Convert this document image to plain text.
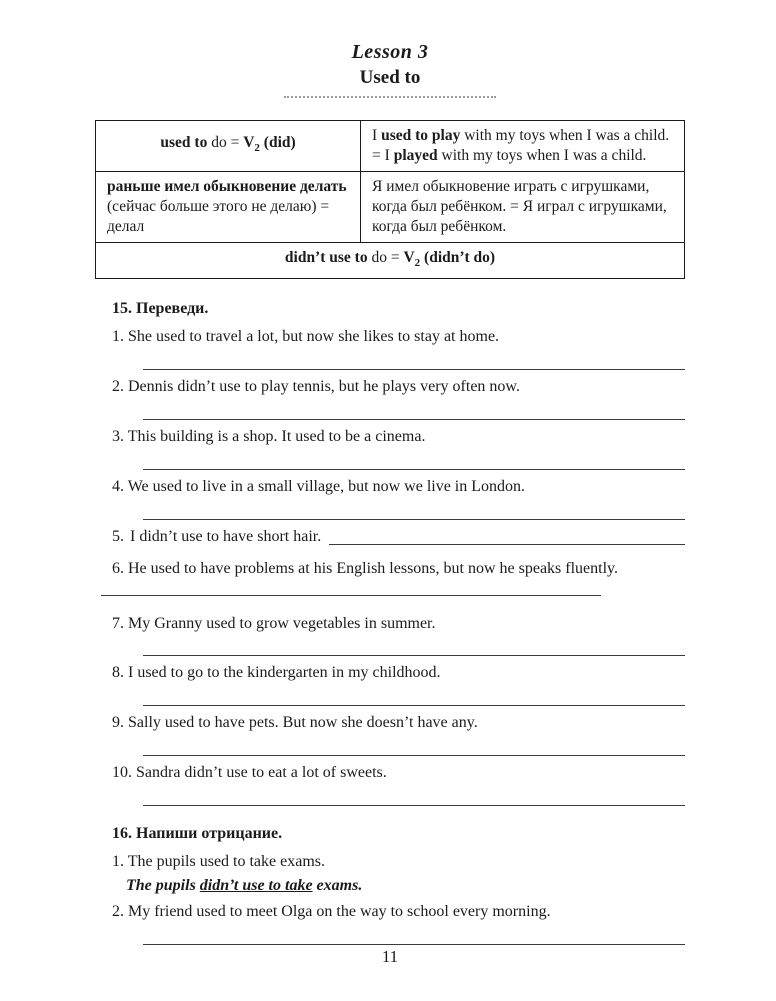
Lesson 3
Used to
used to do = $V_2$ (did)	I used to play with my toys when I was a child. = I played with my toys when I was a child.
раньше имел обыкновение делать (сейчас больше этого не делаю) = делал	Я имел обыкновение играть с игрушками, когда был ребёнком. = Я играл с игрушками, когда был ребёнком.
didn’t use to do = $V_2$ (didn’t do)	
15. Переведи.

1. She used to travel a lot, but now she likes to stay at home.

2. Dennis didn’t use to play tennis, but he plays very often now.

3. This building is a shop. It used to be a cinema.

4. We used to live in a small village, but now we live in London.

5. I didn’t use to have short hair.

6. He used to have problems at his English lessons, but now he speaks fluently.

7. My Granny used to grow vegetables in summer.

8. I used to go to the kindergarten in my childhood.

9. Sally used to have pets. But now she doesn’t have any.

10. Sandra didn’t use to eat a lot of sweets.

16. Напиши отрицание.

1. The pupils used to take exams.

The pupils didn’t use to take exams.

2. My friend used to meet Olga on the way to school every morning.

11
